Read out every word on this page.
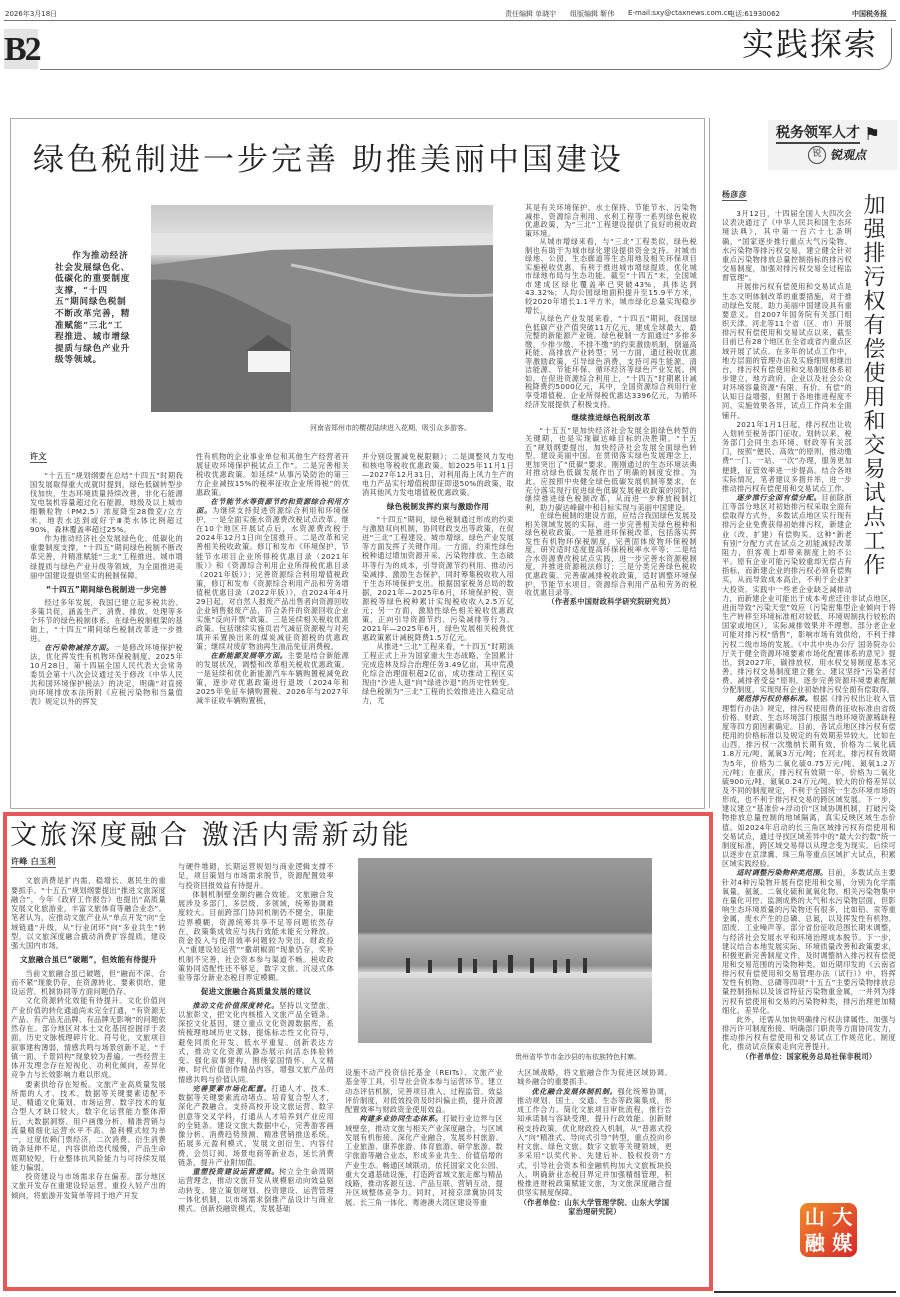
2026年3月18日	责任编辑 单晓宇 组版编辑 靳伟 E-mail:sxy@ctaxnews.com.cn
电话:61930062	中国税务报
B2	实践探索
绿色税制进一步完善 助推美丽中国建设
作为推动经济社会发展绿色化、低碳化的重要制度支撑，“十四五”期间绿色税制不断改革完善，精准赋能“三北”工程推进、城市增绿提质与绿色产业升级等领域。
河南省郑州市的樱花陆续进入花期，吸引众多游客。
许文

“十五五”规划纲要在总结“十四五”时期我国发展取得重大成就时提到，绿色低碳转型步伐加快，生态环境质量持续改善，非化石能源发电装机容量超过化石能源，地级及以上城市细颗粒物（PM2.5）浓度降至28微克/立方米，地表水达到或好于Ⅲ类水体比例超过90%，森林覆盖率超过25%。

作为推动经济社会发展绿色化、低碳化的重要制度支撑，“十四五”期间绿色税制不断改革完善，并精准赋能“三北”工程推进、城市增绿提质与绿色产业升级等领域，为全面推进美丽中国建设提供坚实的税制保障。

“十四五”期间绿色税制进一步完善

经过多年发展，我国已建立起多税共治、多策共促，涵盖生产、消费、排放、处理等多个环节的绿色税制体系。在绿色税制框架的基础上，“十四五”期间绿色税制改革进一步推进。

在污染物减排方面。一是修改环境保护税法，优化挥发性有机物环保税制度。2025年10月28日，第十四届全国人民代表大会常务委员会第十八次会议通过关于修改《中华人民共和国环境保护税法》的决定，明确“对直接向环境排放本法所附《应税污染物和当量值表》规定以外的挥发

性有机物的企业事业单位和其他生产经营者开展征收环境保护税试点工作”。二是完善相关税收优惠政策。如延续“从事污染防治的第三方企业减按15%的税率征收企业所得税”的优惠政策。

在节能节水等资源节约和资源综合利用方面。为继续支持促进资源综合利用和环境保护，一是全面实施水资源费改税试点改革。继在10个地区开展试点后，水资源费改税于2024年12月1日向全国推开。二是改革和完善相关税收政策。修订和发布《环境保护、节能节水项目企业所得税优惠目录（2021年版）》和《资源综合利用企业所得税优惠目录（2021年版）》；完善资源综合利用增值税政策，修订和发布《资源综合利用产品和劳务增值税优惠目录（2022年版）》，自2024年4月29日起，对自然人报废产品出售者向资源回收企业销售报废产品，符合条件的资源回收企业实施“反向开票”政策。三是延续相关税收优惠政策。包括继续实施页岩气减征资源税与对充填开采置换出来的煤炭减征资源税的优惠政策；继续对废矿物油再生油品免征消费税。

在新能源发展等方面。主要是结合新能源的发展状况，调整和改革相关税收优惠政策。一是延续和优化新能源汽车车辆购置税减免政策，逐步对优惠政策进行退坡（2024年和2025年免征车辆购置税、2026年与2027年减半征收车辆购置税，

并分别设置减免税限额）；二是调整风力发电和核电等税收优惠政策。如2025年11月1日—2027年12月31日，对利用海上风力生产的电力产品实行增值税即征即退50%的政策，取消其他风力发电增值税优惠政策。

绿色税制发挥约束与激励作用

“十四五”期间，绿色税制通过形成的约束与激励双向机制，协同财政支出等政策，在促进“三北”工程建设、城市增绿、绿色产业发展等方面发挥了关键作用。一方面，约束性绿色税种通过增加资源开采、污染物排放、生态破坏等行为的成本，引导资源节约利用、推动污染减排、激励生态保护，同时筹集税收收入用于生态环境保护支出。根据国家税务总局的数据，2021年—2025年6月，环境保护税、资源税等绿色税种累计实现税收收入2.5万亿元；另一方面，激励性绿色相关税收优惠政策，正向引导资源节约、污染减排等行为。2021年—2025年6月，绿色发展相关税费优惠政策累计减税降费1.5万亿元。

从推进“三北”工程来看，“十四五”时期该工程正式上升为国家重大生态战略，全国累计完成造林及综合治理任务3.49亿亩，其中荒漠化综合治理面积超2亿亩，成功推动工程区实现由“沙进人退”向“绿进沙退”的历史性转变。绿色税制为“三北”工程的长效推进注入稳定动力，尤

其是有关环境保护、水土保持、节能节水、污染物减排、资源综合利用、水利工程等一系列绿色税收优惠政策，为“三北”工程建设提供了良好的税收政策环境。

从城市增绿来看，与“三北”工程类似，绿色税制也有助于为城市绿化建设提供资金支持。对城市绿地、公园、生态廊道等生态用地及相关环保项目实施税收优惠，有利于推进城市增绿提质，优化城市绿地布局与生态功能。截至“十四五”末，全国城市建成区绿化覆盖率已突破43%，具体达到43.32%；人均公园绿地面积提升至15.9平方米，较2020年增长1.1平方米，城市绿化总量实现稳步增长。

从绿色产业发展来看，“十四五”期间，我国绿色低碳产业产值突破11万亿元，建成全球最大、最完整的新能源产业链。绿色税制一方面通过“多排多缴、少排少缴、不排不缴”的约束激励机制，倒逼高耗能、高排放产业转型；另一方面，通过税收优惠等激励政策，引导绿色消费，支持可再生能源、清洁能源、节能环保、循环经济等绿色产业发展。例如，在促进资源综合利用上，“十四五”时期累计减税降费约5000亿元，其中，全国资源综合利用行业享受增值税、企业所得税优惠达3396亿元，为循环经济发展提供了积极支持。

继续推进绿色税制改革

“十五五”是加快经济社会发展全面绿色转型的关键期，也是实现碳达峰目标的决胜期。“十五五”规划纲要提出，加快经济社会发展全面绿色转型，建设美丽中国。在贯彻落实绿色发展理念上，更加突出了“低碳”要求。刚刚通过的生态环境法典对推动绿色低碳发展作出了明确的制度安排。为此，应按照中央健全绿色低碳发展机制等要求，在充分落实现行促进绿色低碳发展税收政策的同时，继续推进绿色税制改革，从而进一步释放税制红利，助力碳达峰碳中和目标实现与美丽中国建设。

在绿色税制的建设方面，应结合我国绿色发展及相关领域发展的实际，进一步完善相关绿色税种和绿色税收政策。一是推进环保税改革，包括落实挥发性有机物环保税制度，完善固体废物环保税制度，研究适时适度提高环保税税率水平等；二是结合水资源费改税试点实践，进一步完善水资源税制度，并推进资源税法修订；三是分类完善绿色税收优惠政策。完善碳减排税收政策，适时调整环境保护、节能节水项目、资源综合利用产品和劳务的税收优惠目录等。

（作者系中国财政科学研究院研究员）

税务领军人才 ⚑
锐 锐观点
加强排污权有偿使用和交易试点工作
杨彦彦

3月12日，十四届全国人大四次会议表决通过了《中华人民共和国生态环境法典》，其中第一百六十七条明确，“国家逐步推行重点大气污染物、水污染物等排污权交易，建立健全针对重点污染物排放总量控制指标的排污权交易制度，加强对排污权交易全过程监督管理”。

开展排污权有偿使用和交易试点是生态文明体制改革的重要措施，对于推动绿色发展、助力美丽中国建设具有重要意义。自2007年国务院有关部门组织天津、河北等11个省（区、市）开展排污权有偿使用和交易试点以来，截至目前已有28个地区在全省或省内重点区域开展了试点。在多年的试点工作中，地方层面的管理办法及实施细则相继出台，排污权有偿使用和交易制度体系初步建立，地方政府、企业以及社会公众对环境容量资源“有限、有价、有偿”的认知日益增强，但囿于各地推进程度不同、实施效果各异，试点工作尚未全面铺开。

2021年1月1日起，排污权出让收入划转至税务部门征收。划转以来，税务部门会同生态环境、财政等有关部门，按照“便民、高效”的原则，推动缴费“一门、一站、一次”办理，服务更加便捷，征管效率进一步提高。结合各地实际情况，笔者建议多措并举，进一步推动排污权有偿使用和交易试点工作。

逐步推行全面有偿分配。目前除浙江等部分地区对初始排污权采取全面有偿取得方式外，多数试点地区实行现有排污企业免费获得初始排污权，新建企业（改、扩建）有偿购买。这种“新老有别”分配方式在试点之初能减轻改革阻力，但客观上却带来制度上的不公平。原有企业可能污染较重却无偿占有指标，而新建企业的排污权必须有偿购买，从而导致成本高企，不利于企业扩大投资。实践中一些老企业缺乏减排动力，而新建企业可能出于成本考虑迁往非试点地区，进而导致“污染天堂”效应（污染密集型企业倾向于将生产转移至环境标准相对较低、环境规制执行较松的国家或地区），实际减排效果并不理想。部分老企业可能对排污权“惜售”，影响市场有效供给，不利于排污权二级市场的发展。《中共中央办公厅 国务院办公厅关于健全资源环境要素市场化配置体系的意见》提出，到2027年，碳排放权、用水权交易制度基本完善，排污权交易制度建立健全。建议坚持“污染者付费、减排者受益”原则，逐步完善资源环境要素配额分配制度，实现现有企业初始排污权全面有偿取得。

规范排污权价格标准。根据《排污权出让收入管理暂行办法》规定，排污权使用费的征收标准由省级价格、财政、生态环境部门根据当地环境资源稀缺程度等四方面因素确定。目前，各试点地区排污权有偿使用的价格标准以及规定的有效期差异较大。比如在山西，排污权一次缴纳长期有效，价格为二氧化硫1.8万元/吨、氮氧3万元/吨；在河北，排污权有效期为5年，价格为二氧化硫0.75万元/吨、氮氧1.2万元/吨；在重庆，排污权有效期一年，价格为二氧化硫900元/吨、氮氧0.24万元/吨。较大的价格差异以及不同的制度规定，不利于全国统一生态环境市场的形成，也不利于排污权交易的跨区域发展。下一步，建议建立“基准价+浮动价”区域协调机制，打破污染物排放总量控制的地域隔离，真实反映区域生态价值。如2024年启动的长三角区域排污权有偿使用和交易试点，通过寻找区域差异中的“最大公约数”统一制度标准，跨区域交易得以从理念变为现实。后续可以逐步在京津冀、珠三角等重点区域扩大试点，积累区域实践经验。

适时调整污染物种类范围。目前，多数试点主要针对4种污染物开展有偿使用和交易，分别为化学需氧量、氨氮、二氧化硫和氮氧化物。相关污染物集中在量化可控、监测成熟的大气和水污染物层面，但影响生态环境质量的污染物还有很多，比如铅、汞等重金属，废水产生的总磷、总氮，以及挥发性有机物、固废、工业噪声等。部分省份征收范围长期未调整，与经济社会发展水平和环境治理成本脱节。下一步，建议结合本地发展实际、环境质量改善和政策要求，积极更新完善制度文件，及时调整纳入排污权有偿使用和交易范围的污染物种类。如近期印发的《云南省排污权有偿使用和交易管理办法（试行）》中，将挥发性有机物、总磷等四项“十五五”主要污染物排放总量控制指标以及该省特征污染物重金属，一并列为排污权有偿使用和交易的污染物种类，排污治理更加精细化、差异化。

此外，还需从加快明确排污权法律属性、加强与排污许可制度衔接、明确部门职责等方面协同发力，推动排污权有偿使用和交易试点工作规范化、制度化，推动试点探索走向完善提升。

（作者单位：国家税务总局社保非税司）

山 大
融 媒
文旅深度融合 激活内需新动能
许峰 白玉利

文旅消费是扩内需、稳增长、惠民生的重要抓手。“十五五”规划纲要提出“推进文旅深度融合”，今年《政府工作报告》也提出“高质量发展文化旅游业，丰富文旅体育等融合业态”。笔者认为，应推动文旅产业从“单点开发”向“全域链通”升级，从“行业闭环”向“多业共生”转型，以文旅深度融合撬动消费扩容提质，建设强大国内市场。

文旅融合虽已“破题”，但效能有待提升

当前文旅融合虽已破题，但“融而不深、合而不紧”现象仍存，在资源转化、要素供给、建设运营、机制协同等方面问题仍存。

文化资源转化效能有待提升。文化价值向产业价值的转化通道尚未完全打通，“有资源无产品、有产品无品牌、有品牌无影响”的问题依然存在。部分地区对本土文化基因挖掘浮于表面，历史文脉梳理碎片化、符号化，文旅项目叙事建构薄弱，情感共鸣与场景创新不足，“千镇一面、千景同构”现象较为普遍。一些经营主体开发理念存在短视化、功利化倾向，差异化竞争力与长效影响力难以形成。

要素供给存在短板。文旅产业高质量发展所需的人才、技术、数据等关键要素适配不足，精通文化策划、市场运营、数字技术的复合型人才缺口较大。数字化运营能力整体滞后，大数据洞察、用户画像分析、精准营销与流量精细化运营水平不高。盈利模式较为单一，过度依赖门票经济，二次消费、衍生消费链条延伸不足，内容供给迭代缓慢，产品生命周期较短，行业整体抗风险能力与可持续发展能力偏弱。

投资建设与市场需求存在偏差。部分地区文旅开发存在重建设轻运营、重投入轻产出的倾向，将旅游开发简单等同于地产开发

与硬件堆砌，长期运营规划与商业逻辑支撑不足，项目策划与市场需求脱节，资源配置效率与投资回报效益有待提升。

体制机制壁垒制约融合效能。文旅融合发展涉及多部门、多层级、多领域，统筹协调难度较大。目前跨部门协同机制仍不健全，职能边界模糊，资源统筹共享不足等问题依然存在，政策集成效应与执行效能未能充分释放。资金投入与使用效率问题较为突出。财政投入“重建设轻运营”“撒胡椒面”现象仍存，奖补机制不完善，社会资本参与渠道不畅。税收政策协同适配性还不够足，数字文旅、沉浸式体验等部分新业态税目界定模糊。

促进文旅融合高质量发展的建议

推动文化价值深度转化。坚持以文塑旅、以旅彰文，把文化内核植入文旅产品全链条。深挖文化基因，建立重点文化资源数据库，系统梳理地域历史文脉，提炼标志性文化符号，避免同质化开发、低水平重复。创新表达方式，推动文化资源从静态展示向活态体验转变。强化叙事建构，围绕家国情怀、人文精神、时代价值创作精品内容，增强文旅产品的情感共鸣与价值认同。

完善要素市场化配置。打通人才、技术、数据等关键要素流动堵点。培育复合型人才，深化产教融合，支持高校开设文旅运营、数字创意等交叉学科，打通从人才培养到产业应用的全链条。建设文旅大数据中心，完善游客画像分析、消费趋势预测、精准营销推送系统。拓展多元盈利模式，发展文创衍生、内容付费、会员订阅、场景电商等新业态，延长消费链条，提升产业附加值。

重塑投资建设运营逻辑。树立全生命周期运营理念，推动文旅开发从规模驱动向效益驱动转变。建立策划规划、投资建设、运营管理一体化机制，以市场需求倒推产品设计与商业模式。创新投融资模式，发展基础

贵州省毕节市金沙县的布依族特色村寨。

设施不动产投资信托基金（REITs）、文旅产业基金等工具，引导社会资本参与运营环节。建立动态评估机制，完善项目准入、过程监管、效益评价制度，对低效投资及时纠偏止损，提升资源配置效率与财政资金使用效益。

构建多业协同生态体系。打破行业边界与区域壁垒，推动文旅与相关产业深度融合，与区域发展有机衔接。深化产业融合，发展乡村旅游、工业旅游、康养旅游、体育旅游、研学旅游、数字旅游等融合业态，形成多业共生、价值倍增的产业生态。畅通区域联动，依托国家文化公园、重大交通基础设施，打造跨省域文旅走廊与精品线路，推动客源互送、产品互联、营销互动，提升区域整体竞争力。同时，对接京津冀协同发展、长三角一体化、粤港澳大湾区建设等重

大区域战略，将文旅融合作为促进区域协调、城乡融合的重要抓手。

优化融合发展体制机制。强化统筹协调，推动规划、国土、交通、生态等政策集成，形成工作合力。简化文旅项目审批流程，推行告知承诺制与容缺受理，提升行政效能。创新财税支持政策，优化财政投入机制，从“普惠式投入”向“精准式、导向式引导”转型，重点投向乡村文旅、绿色文旅、数字文旅等关键领域，更多采用“以奖代补、先建后补、股权投资”方式，引导社会资本和金融机构加大文旅板块投入。明确新业态税目界定并加强精细管理，积极推进财税政策赋能文旅，为文旅深度融合提供坚实制度保障。

（作者单位：山东大学管理学院、山东大学国家治理研究院）
